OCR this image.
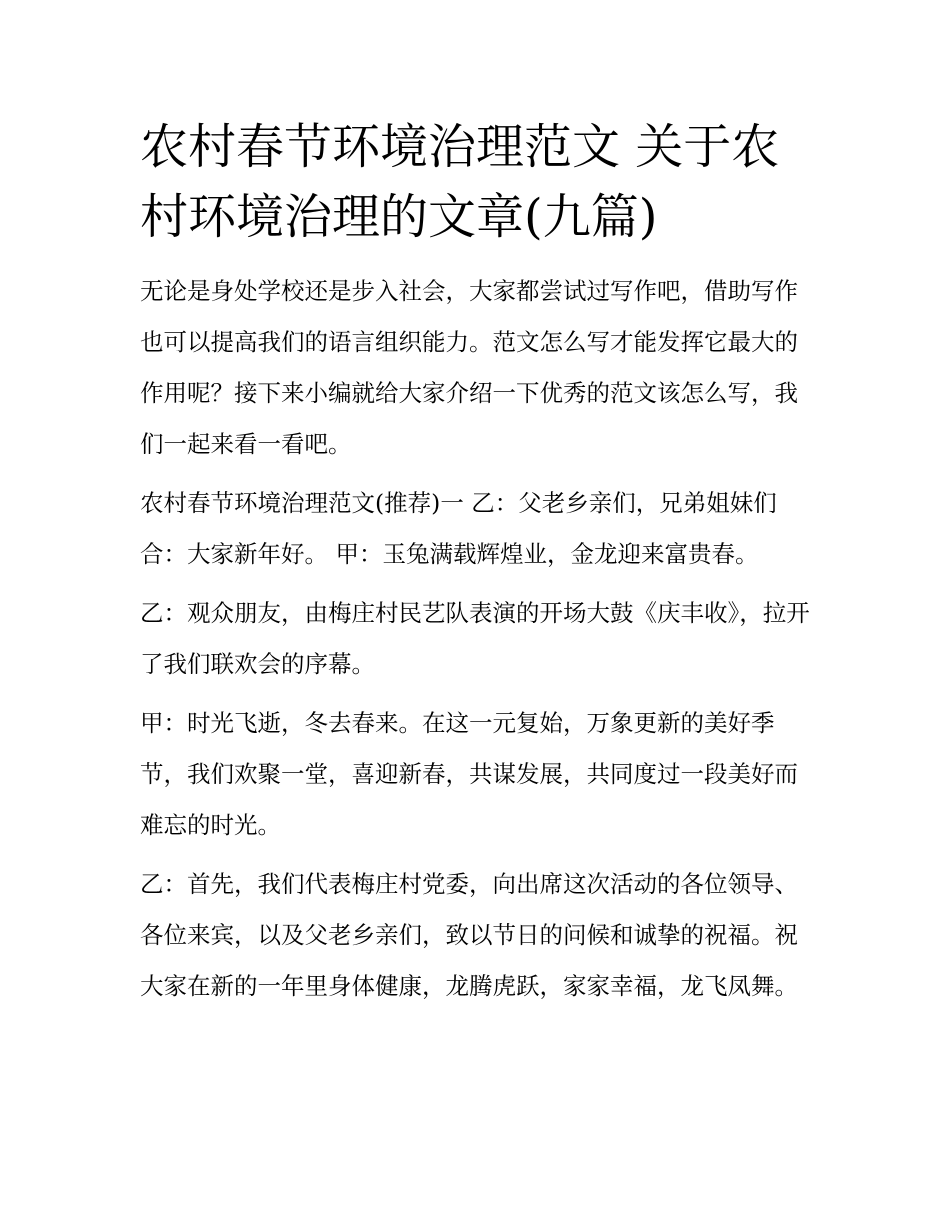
农村春节环境治理范文 关于农村环境治理的文章(九篇)

无论是身处学校还是步入社会，大家都尝试过写作吧，借助写作也可以提高我们的语言组织能力。范文怎么写才能发挥它最大的作用呢？接下来小编就给大家介绍一下优秀的范文该怎么写，我们一起来看一看吧。

农村春节环境治理范文(推荐)一 乙：父老乡亲们，兄弟姐妹们 合：大家新年好。 甲：玉兔满载辉煌业，金龙迎来富贵春。

乙：观众朋友，由梅庄村民艺队表演的开场大鼓《庆丰收》，拉开了我们联欢会的序幕。

甲：时光飞逝，冬去春来。在这一元复始，万象更新的美好季节，我们欢聚一堂，喜迎新春，共谋发展，共同度过一段美好而难忘的时光。

乙：首先，我们代表梅庄村党委，向出席这次活动的各位领导、各位来宾，以及父老乡亲们，致以节日的问候和诚挚的祝福。祝大家在新的一年里身体健康，龙腾虎跃，家家幸福，龙飞凤舞。
